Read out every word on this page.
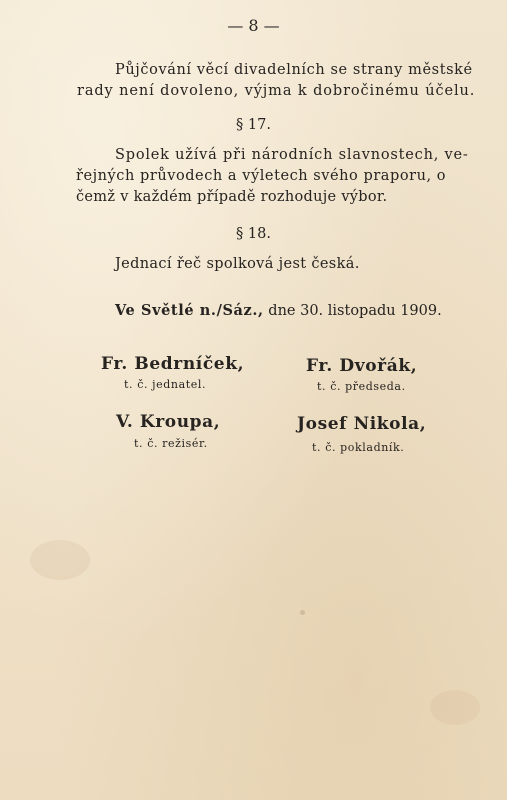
— 8 —
Půjčování věcí divadelních se strany městské
rady není dovoleno, výjma k dobročinému účelu.
§ 17.
Spolek užívá při národních slavnostech, ve-
řejných průvodech a výletech svého praporu, o
čemž v každém případě rozhoduje výbor.
§ 18.
Jednací řeč spolková jest česká.
Ve Světlé n./Sáz., dne 30. listopadu 1909.
Fr. Bedrníček,
t. č. jednatel.
Fr. Dvořák,
t. č. předseda.
V. Kroupa,
t. č. režisér.
Josef Nikola,
t. č. pokladník.
